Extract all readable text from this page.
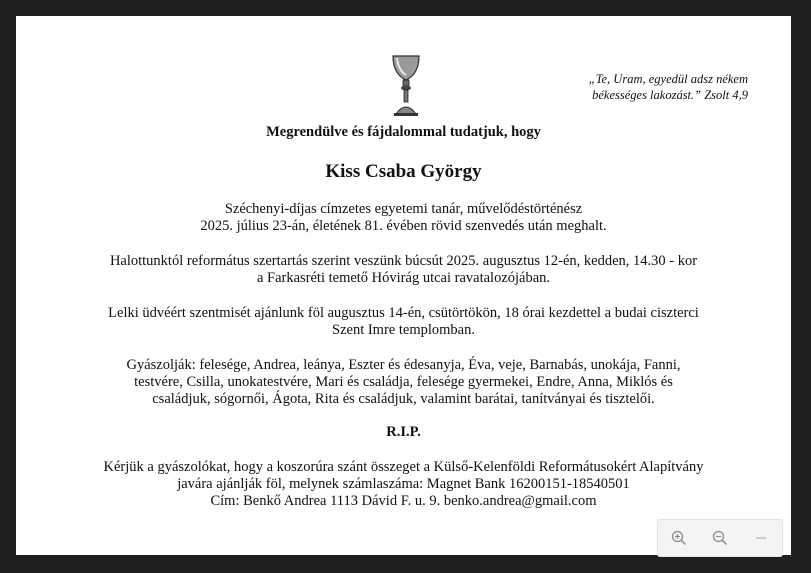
„Te, Uram, egyedül adsz nékem
békességes lakozást.” Zsolt 4,9
Megrendülve és fájdalommal tudatjuk, hogy
Kiss Csaba György
Széchenyi-díjas címzetes egyetemi tanár, művelődéstörténész
2025. július 23-án, életének 81. évében rövid szenvedés után meghalt.
Halottunktól református szertartás szerint veszünk búcsút 2025. augusztus 12-én, kedden, 14.30 - kor
a Farkasréti temető Hóvirág utcai ravatalozójában.
Lelki üdvéért szentmisét ajánlunk föl augusztus 14-én, csütörtökön, 18 órai kezdettel a budai ciszterci
Szent Imre templomban.
Gyászolják: felesége, Andrea, leánya, Eszter és édesanyja, Éva, veje, Barnabás, unokája, Fanni,
testvére, Csilla, unokatestvére, Mari és családja, felesége gyermekei, Endre, Anna, Miklós és
családjuk, sógornői, Ágota, Rita és családjuk, valamint barátai, tanítványai és tisztelői.
R.I.P.
Kérjük a gyászolókat, hogy a koszorúra szánt összeget a Külső-Kelenföldi Reformátusokért Alapítvány
javára ajánlják föl, melynek számlaszáma: Magnet Bank 16200151-18540501
Cím: Benkő Andrea 1113 Dávid F. u. 9. benko.andrea@gmail.com
